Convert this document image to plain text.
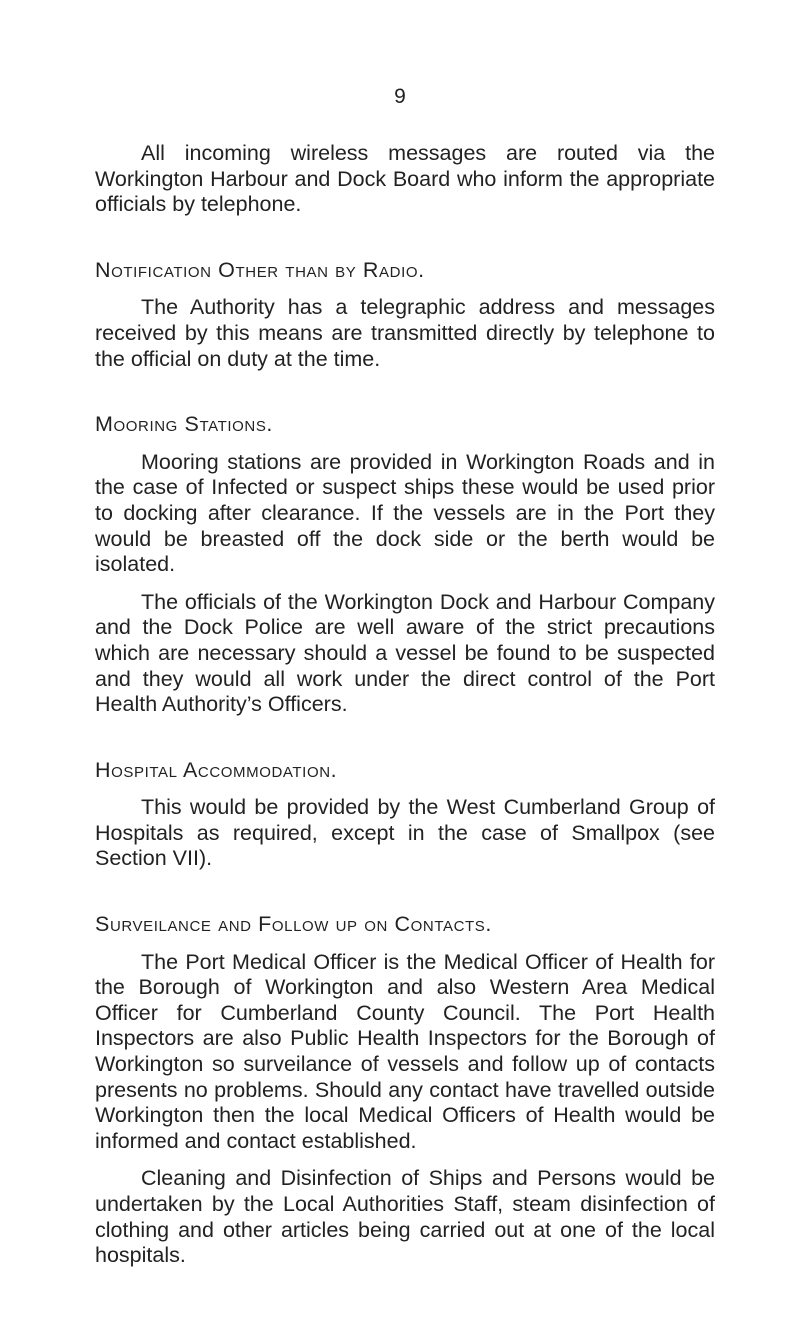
9

All incoming wireless messages are routed via the Workington Harbour and Dock Board who inform the appropriate officials by telephone.

Notification Other than by Radio.

The Authority has a telegraphic address and messages received by this means are transmitted directly by telephone to the official on duty at the time.

Mooring Stations.

Mooring stations are provided in Workington Roads and in the case of Infected or suspect ships these would be used prior to docking after clearance. If the vessels are in the Port they would be breasted off the dock side or the berth would be isolated.

The officials of the Workington Dock and Harbour Company and the Dock Police are well aware of the strict precautions which are necessary should a vessel be found to be suspected and they would all work under the direct control of the Port Health Authority’s Officers.

Hospital Accommodation.

This would be provided by the West Cumberland Group of Hospitals as required, except in the case of Smallpox (see Section VII).

Surveilance and Follow up on Contacts.

The Port Medical Officer is the Medical Officer of Health for the Borough of Workington and also Western Area Medical Officer for Cumberland County Council. The Port Health Inspectors are also Public Health Inspectors for the Borough of Workington so surveilance of vessels and follow up of contacts presents no problems. Should any contact have travelled outside Workington then the local Medical Officers of Health would be informed and contact established.

Cleaning and Disinfection of Ships and Persons would be undertaken by the Local Authorities Staff, steam disinfection of clothing and other articles being carried out at one of the local hospitals.
